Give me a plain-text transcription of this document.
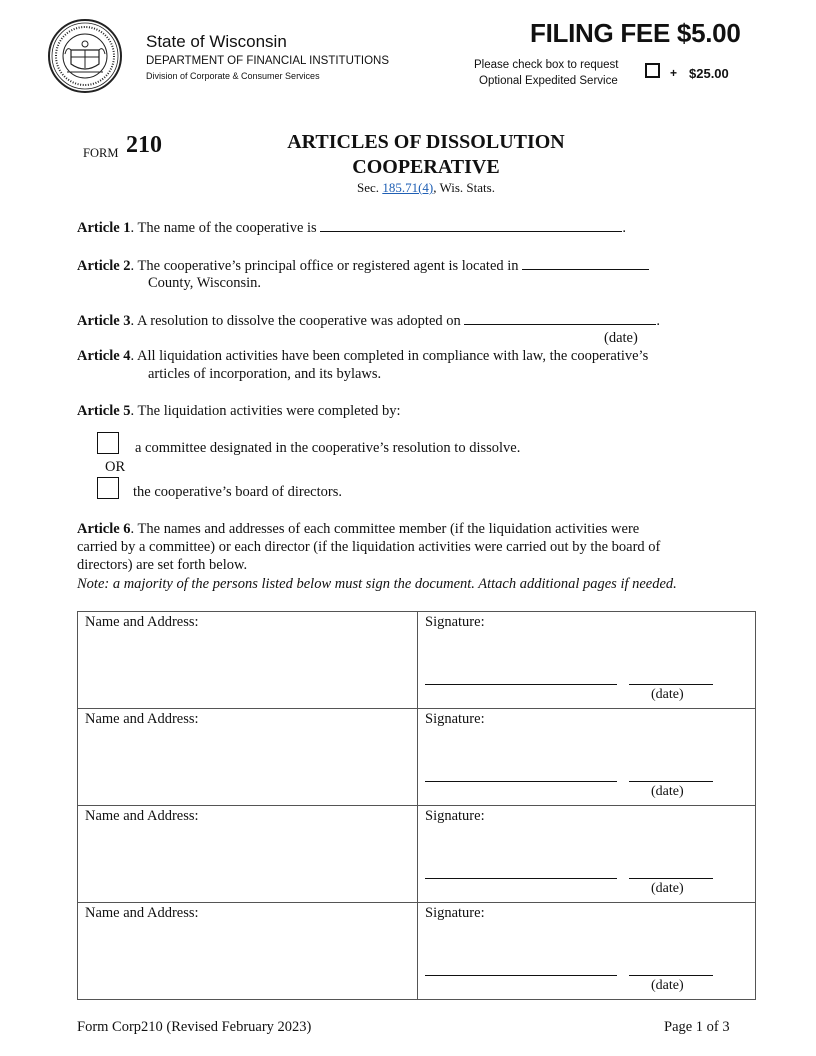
State of Wisconsin
DEPARTMENT OF FINANCIAL INSTITUTIONS
Division of Corporate & Consumer Services
FILING FEE $5.00
Please check box to request
Optional Expedited Service
+ $25.00
FORM 210	ARTICLES OF DISSOLUTION
COOPERATIVE
Sec. 185.71(4), Wis. Stats.
Article 1. The name of the cooperative is	.
Article 2. The cooperative’s principal office or registered agent is located in
County, Wisconsin.
Article 3. A resolution to dissolve the cooperative was adopted on	.
(date)
Article 4. All liquidation activities have been completed in compliance with law, the cooperative’s
articles of incorporation, and its bylaws.
Article 5. The liquidation activities were completed by:
a committee designated in the cooperative’s resolution to dissolve.
OR
the cooperative’s board of directors.
Article 6. The names and addresses of each committee member (if the liquidation activities were
carried by a committee) or each director (if the liquidation activities were carried out by the board of
directors) are set forth below.
Note: a majority of the persons listed below must sign the document. Attach additional pages if needed.
Name and Address:	Signature:
(date)

Name and Address:	Signature:
(date)

Name and Address:	Signature:
(date)

Name and Address:	Signature:
(date)
Form Corp210 (Revised February 2023)	Page 1 of 3
